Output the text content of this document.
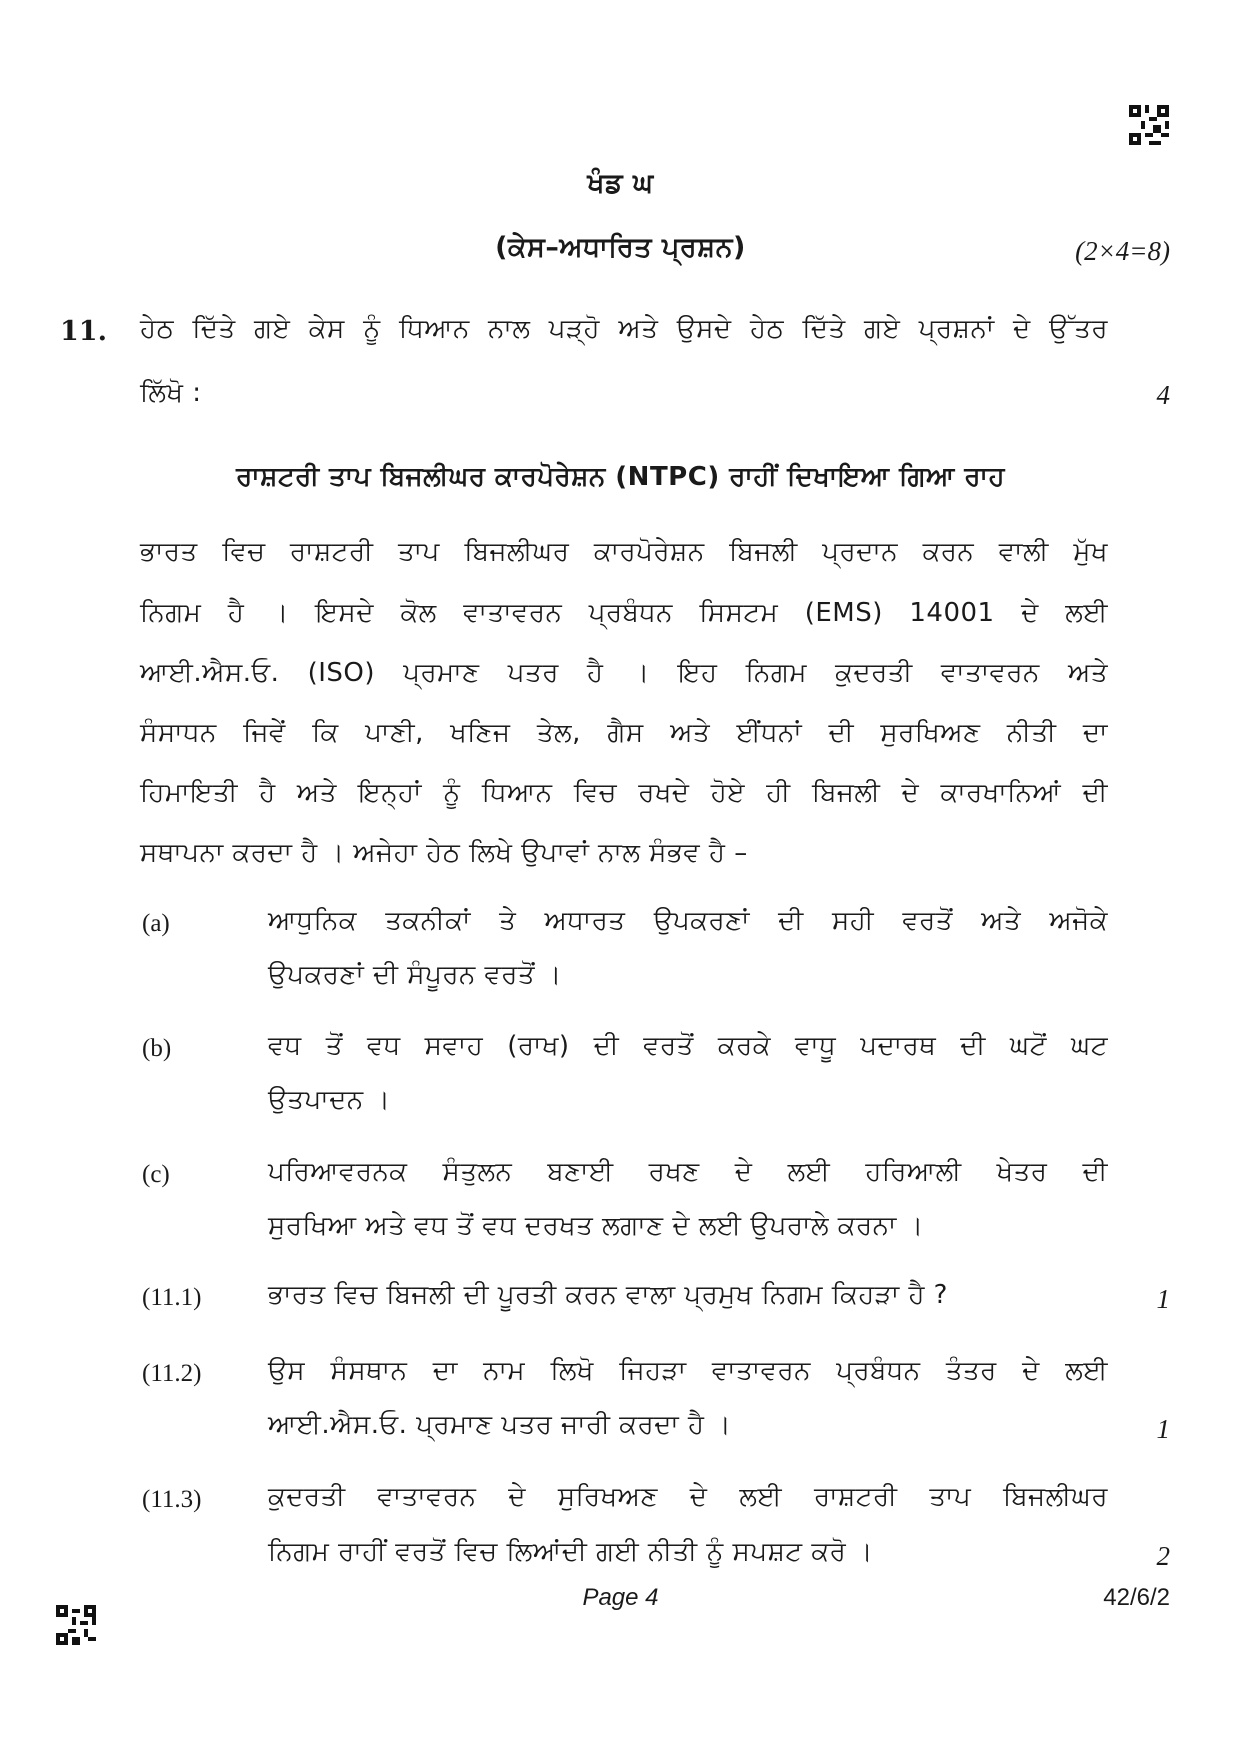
ਖੰਡ ਘ
(ਕੇਸ–ਅਧਾਰਿਤ ਪ੍ਰਸ਼ਨ)	(2×4=8)
11. ਹੇਠ ਦਿੱਤੇ ਗਏ ਕੇਸ ਨੂੰ ਧਿਆਨ ਨਾਲ ਪੜ੍ਹੋ ਅਤੇ ਉਸਦੇ ਹੇਠ ਦਿੱਤੇ ਗਏ ਪ੍ਰਸ਼ਨਾਂ ਦੇ ਉੱਤਰ
ਲਿੱਖੋ :	4
ਰਾਸ਼ਟਰੀ ਤਾਪ ਬਿਜਲੀਘਰ ਕਾਰਪੋਰੇਸ਼ਨ (NTPC) ਰਾਹੀਂ ਦਿਖਾਇਆ ਗਿਆ ਰਾਹ
ਭਾਰਤ ਵਿਚ ਰਾਸ਼ਟਰੀ ਤਾਪ ਬਿਜਲੀਘਰ ਕਾਰਪੋਰੇਸ਼ਨ ਬਿਜਲੀ ਪ੍ਰਦਾਨ ਕਰਨ ਵਾਲੀ ਮੁੱਖ
ਨਿਗਮ ਹੈ । ਇਸਦੇ ਕੋਲ ਵਾਤਾਵਰਨ ਪ੍ਰਬੰਧਨ ਸਿਸਟਮ (EMS) 14001 ਦੇ ਲਈ
ਆਈ.ਐਸ.ਓ. (ISO) ਪ੍ਰਮਾਣ ਪਤਰ ਹੈ । ਇਹ ਨਿਗਮ ਕੁਦਰਤੀ ਵਾਤਾਵਰਨ ਅਤੇ
ਸੰਸਾਧਨ ਜਿਵੇਂ ਕਿ ਪਾਣੀ, ਖਣਿਜ ਤੇਲ, ਗੈਸ ਅਤੇ ਈਂਧਨਾਂ ਦੀ ਸੁਰਖਿਅਣ ਨੀਤੀ ਦਾ
ਹਿਮਾਇਤੀ ਹੈ ਅਤੇ ਇਨ੍ਹਾਂ ਨੂੰ ਧਿਆਨ ਵਿਚ ਰਖਦੇ ਹੋਏ ਹੀ ਬਿਜਲੀ ਦੇ ਕਾਰਖਾਨਿਆਂ ਦੀ
ਸਥਾਪਨਾ ਕਰਦਾ ਹੈ । ਅਜੇਹਾ ਹੇਠ ਲਿਖੇ ਉਪਾਵਾਂ ਨਾਲ ਸੰਭਵ ਹੈ –
(a)	ਆਧੁਨਿਕ ਤਕਨੀਕਾਂ ਤੇ ਅਧਾਰਤ ਉਪਕਰਣਾਂ ਦੀ ਸਹੀ ਵਰਤੋਂ ਅਤੇ ਅਜੋਕੇ
ਉਪਕਰਣਾਂ ਦੀ ਸੰਪੂਰਨ ਵਰਤੋਂ ।
(b)	ਵਧ ਤੋਂ ਵਧ ਸਵਾਹ (ਰਾਖ) ਦੀ ਵਰਤੋਂ ਕਰਕੇ ਵਾਧੂ ਪਦਾਰਥ ਦੀ ਘਟੋਂ ਘਟ
ਉਤਪਾਦਨ ।
(c)	ਪਰਿਆਵਰਨਕ ਸੰਤੁਲਨ ਬਣਾਈ ਰਖਣ ਦੇ ਲਈ ਹਰਿਆਲੀ ਖੇਤਰ ਦੀ
ਸੁਰਖਿਆ ਅਤੇ ਵਧ ਤੋਂ ਵਧ ਦਰਖਤ ਲਗਾਣ ਦੇ ਲਈ ਉਪਰਾਲੇ ਕਰਨਾ ।
(11.1)	ਭਾਰਤ ਵਿਚ ਬਿਜਲੀ ਦੀ ਪੂਰਤੀ ਕਰਨ ਵਾਲਾ ਪ੍ਰਮੁਖ ਨਿਗਮ ਕਿਹੜਾ ਹੈ ?	1
(11.2)	ਉਸ ਸੰਸਥਾਨ ਦਾ ਨਾਮ ਲਿਖੋ ਜਿਹੜਾ ਵਾਤਾਵਰਨ ਪ੍ਰਬੰਧਨ ਤੰਤਰ ਦੇ ਲਈ
ਆਈ.ਐਸ.ਓ. ਪ੍ਰਮਾਣ ਪਤਰ ਜਾਰੀ ਕਰਦਾ ਹੈ ।	1
(11.3)	ਕੁਦਰਤੀ ਵਾਤਾਵਰਨ ਦੇ ਸੁਰਿਖਅਣ ਦੇ ਲਈ ਰਾਸ਼ਟਰੀ ਤਾਪ ਬਿਜਲੀਘਰ
ਨਿਗਮ ਰਾਹੀਂ ਵਰਤੋਂ ਵਿਚ ਲਿਆਂਦੀ ਗਈ ਨੀਤੀ ਨੂੰ ਸਪਸ਼ਟ ਕਰੋ ।	2
Page 4	42/6/2
